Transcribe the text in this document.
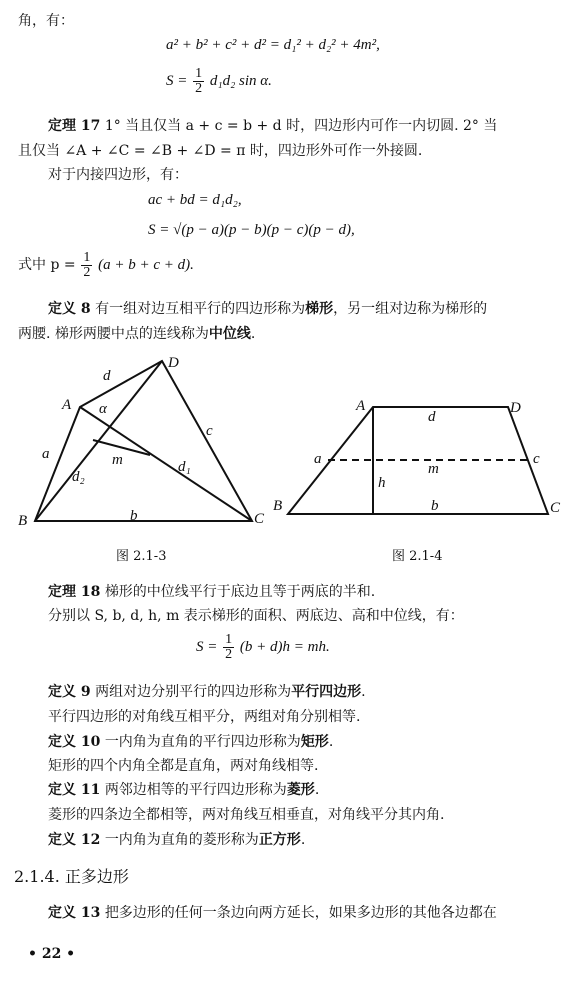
角，有：
a² + b² + c² + d² = d₁² + d₂² + 4m²,
$S = \frac{1}{2} d_1d_2$ sin α.
定理 17 1° 当且仅当 a + c = b + d 时，四边形内可作一内切圆. 2° 当
且仅当 ∠A + ∠C = ∠B + ∠D = π 时，四边形外可作一外接圆.
对于内接四边形，有：
ac + bd = d₁d₂,
S = √(p − a)(p − b)(p − c)(p − d),
式中 $p = \frac{1}{2} (a + b + c + d)$.
定义 8 有一组对边互相平行的四边形称为梯形，另一组对边称为梯形的
两腰. 梯形两腰中点的连线称为中位线.
A
B	C
D
a
b
c
d
d₁
d₂
α
m
A
B	C
D
a
b
c
d
h
m
图 2.1-3	图 2.1-4
定理 18 梯形的中位线平行于底边且等于两底的半和.
分别以 S, b, d, h, m 表示梯形的面积、两底边、高和中位线，有：
$S = \frac{1}{2} (b + d)h$ = mh.
定义 9 两组对边分别平行的四边形称为平行四边形.
平行四边形的对角线互相平分，两组对角分别相等.
定义 10 一内角为直角的平行四边形称为矩形.
矩形的四个内角全都是直角，两对角线相等.
定义 11 两邻边相等的平行四边形称为菱形.
菱形的四条边全都相等，两对角线互相垂直，对角线平分其内角.
定义 12 一内角为直角的菱形称为正方形.
2.1.4. 正多边形
定义 13 把多边形的任何一条边向两方延长，如果多边形的其他各边都在
• 22 •
